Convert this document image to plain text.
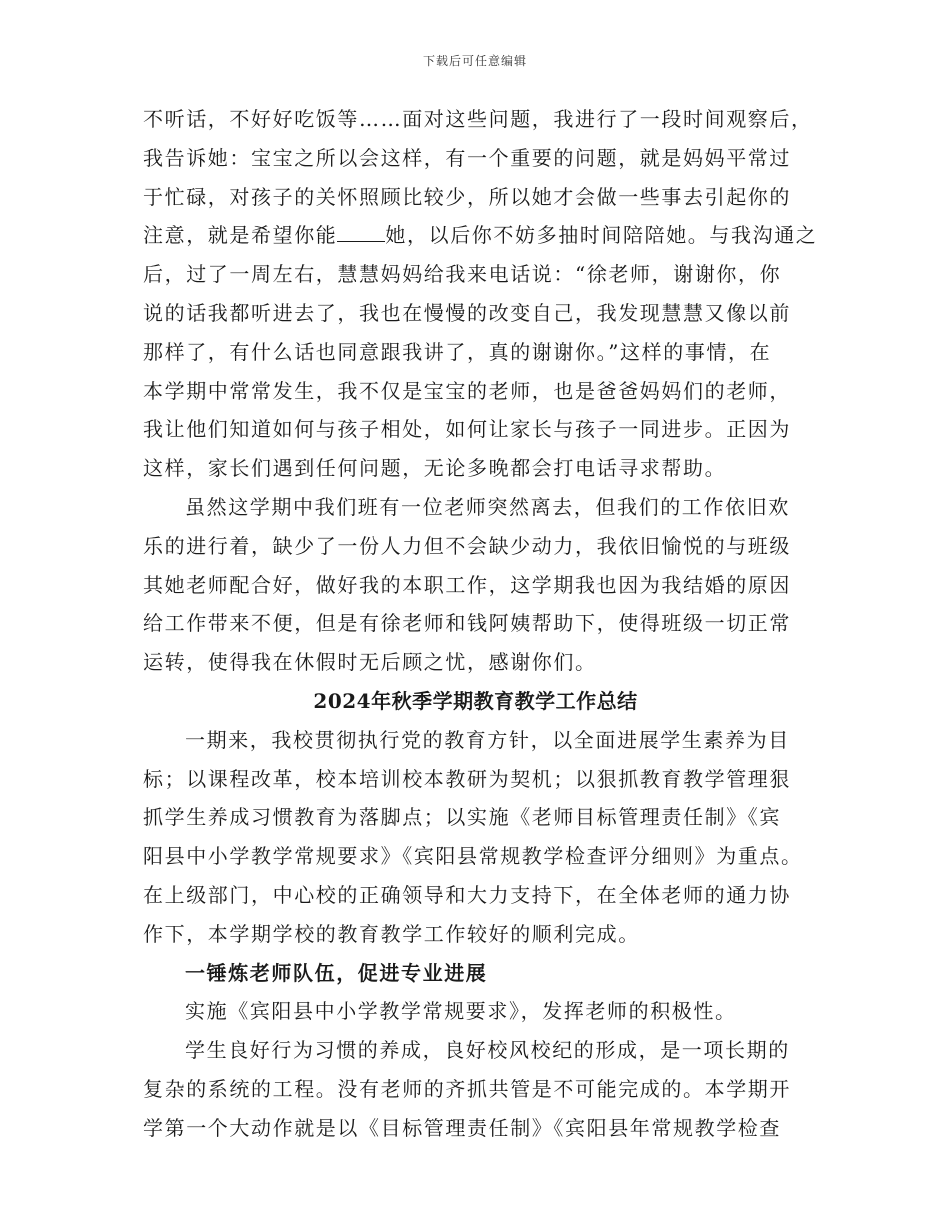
下载后可任意编辑
不听话，不好好吃饭等……面对这些问题，我进行了一段时间观察后，
我告诉她：宝宝之所以会这样，有一个重要的问题，就是妈妈平常过
于忙碌，对孩子的关怀照顾比较少，所以她才会做一些事去引起你的
注意，就是希望你能 她，以后你不妨多抽时间陪陪她。与我沟通之
后，过了一周左右，慧慧妈妈给我来电话说：“徐老师，谢谢你，你
说的话我都听进去了，我也在慢慢的改变自己，我发现慧慧又像以前
那样了，有什么话也同意跟我讲了，真的谢谢你。”这样的事情，在
本学期中常常发生，我不仅是宝宝的老师，也是爸爸妈妈们的老师，
我让他们知道如何与孩子相处，如何让家长与孩子一同进步。正因为
这样，家长们遇到任何问题，无论多晚都会打电话寻求帮助。
虽然这学期中我们班有一位老师突然离去，但我们的工作依旧欢
乐的进行着，缺少了一份人力但不会缺少动力，我依旧愉悦的与班级
其她老师配合好，做好我的本职工作，这学期我也因为我结婚的原因
给工作带来不便，但是有徐老师和钱阿姨帮助下，使得班级一切正常
运转，使得我在休假时无后顾之忧，感谢你们。
2024年秋季学期教育教学工作总结
一期来，我校贯彻执行党的教育方针，以全面进展学生素养为目
标；以课程改革，校本培训校本教研为契机；以狠抓教育教学管理狠
抓学生养成习惯教育为落脚点；以实施《老师目标管理责任制》《宾
阳县中小学教学常规要求》《宾阳县常规教学检查评分细则》为重点。
在上级部门，中心校的正确领导和大力支持下，在全体老师的通力协
作下，本学期学校的教育教学工作较好的顺利完成。
一锤炼老师队伍，促进专业进展
实施《宾阳县中小学教学常规要求》，发挥老师的积极性。
学生良好行为习惯的养成，良好校风校纪的形成，是一项长期的
复杂的系统的工程。没有老师的齐抓共管是不可能完成的。本学期开
学第一个大动作就是以《目标管理责任制》《宾阳县年常规教学检查
